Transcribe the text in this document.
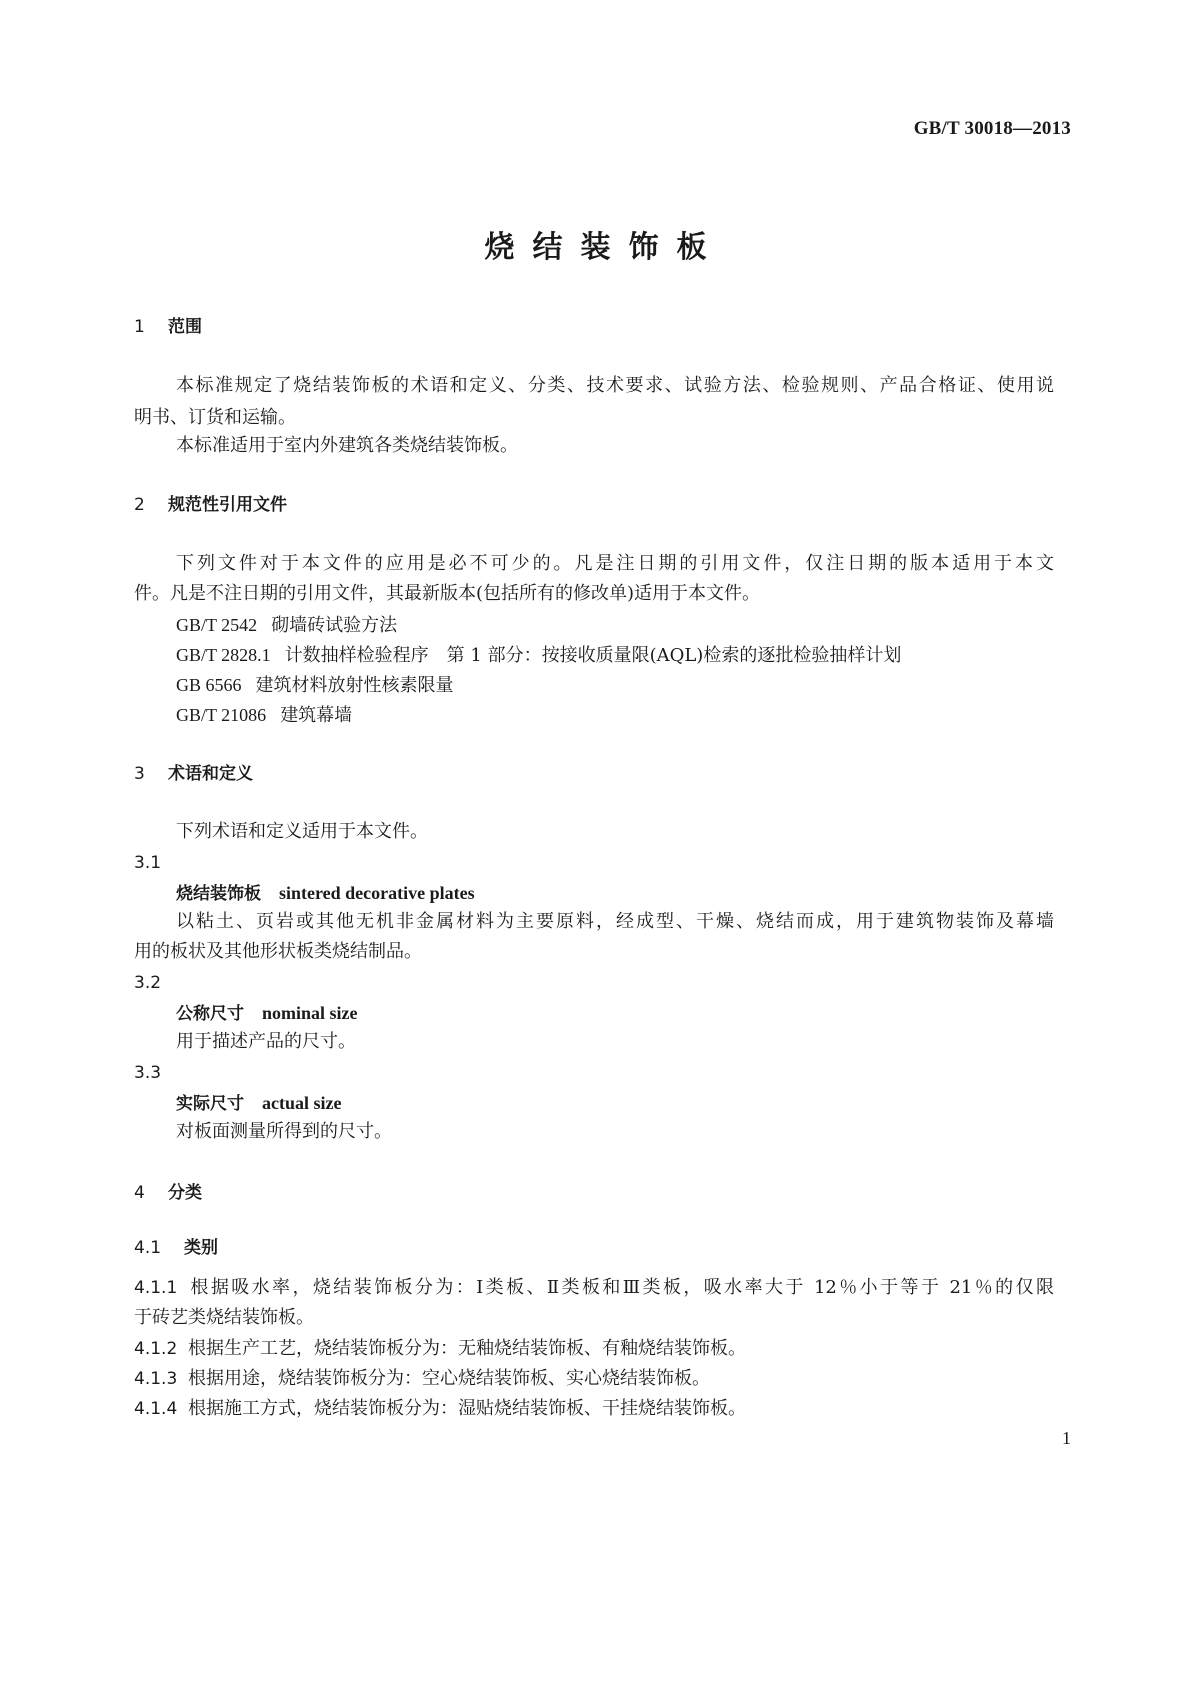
GB/T 30018—2013
烧结装饰板
1 范围
本标准规定了烧结装饰板的术语和定义、分类、技术要求、试验方法、检验规则、产品合格证、使用说
明书、订货和运输。
本标准适用于室内外建筑各类烧结装饰板。
2 规范性引用文件
下列文件对于本文件的应用是必不可少的。凡是注日期的引用文件，仅注日期的版本适用于本文
件。凡是不注日期的引用文件，其最新版本(包括所有的修改单)适用于本文件。
GB/T 2542 砌墙砖试验方法
GB/T 2828.1 计数抽样检验程序　第 1 部分：按接收质量限(AQL)检索的逐批检验抽样计划
GB 6566 建筑材料放射性核素限量
GB/T 21086 建筑幕墙
3 术语和定义
下列术语和定义适用于本文件。
3.1
烧结装饰板 sintered decorative plates
以粘土、页岩或其他无机非金属材料为主要原料，经成型、干燥、烧结而成，用于建筑物装饰及幕墙
用的板状及其他形状板类烧结制品。
3.2
公称尺寸 nominal size
用于描述产品的尺寸。
3.3
实际尺寸 actual size
对板面测量所得到的尺寸。
4 分类
4.1 类别
4.1.1 根据吸水率，烧结装饰板分为：Ⅰ类板、Ⅱ类板和Ⅲ类板，吸水率大于 12％小于等于 21％的仅限
于砖艺类烧结装饰板。
4.1.2 根据生产工艺，烧结装饰板分为：无釉烧结装饰板、有釉烧结装饰板。
4.1.3 根据用途，烧结装饰板分为：空心烧结装饰板、实心烧结装饰板。
4.1.4 根据施工方式，烧结装饰板分为：湿贴烧结装饰板、干挂烧结装饰板。
1
